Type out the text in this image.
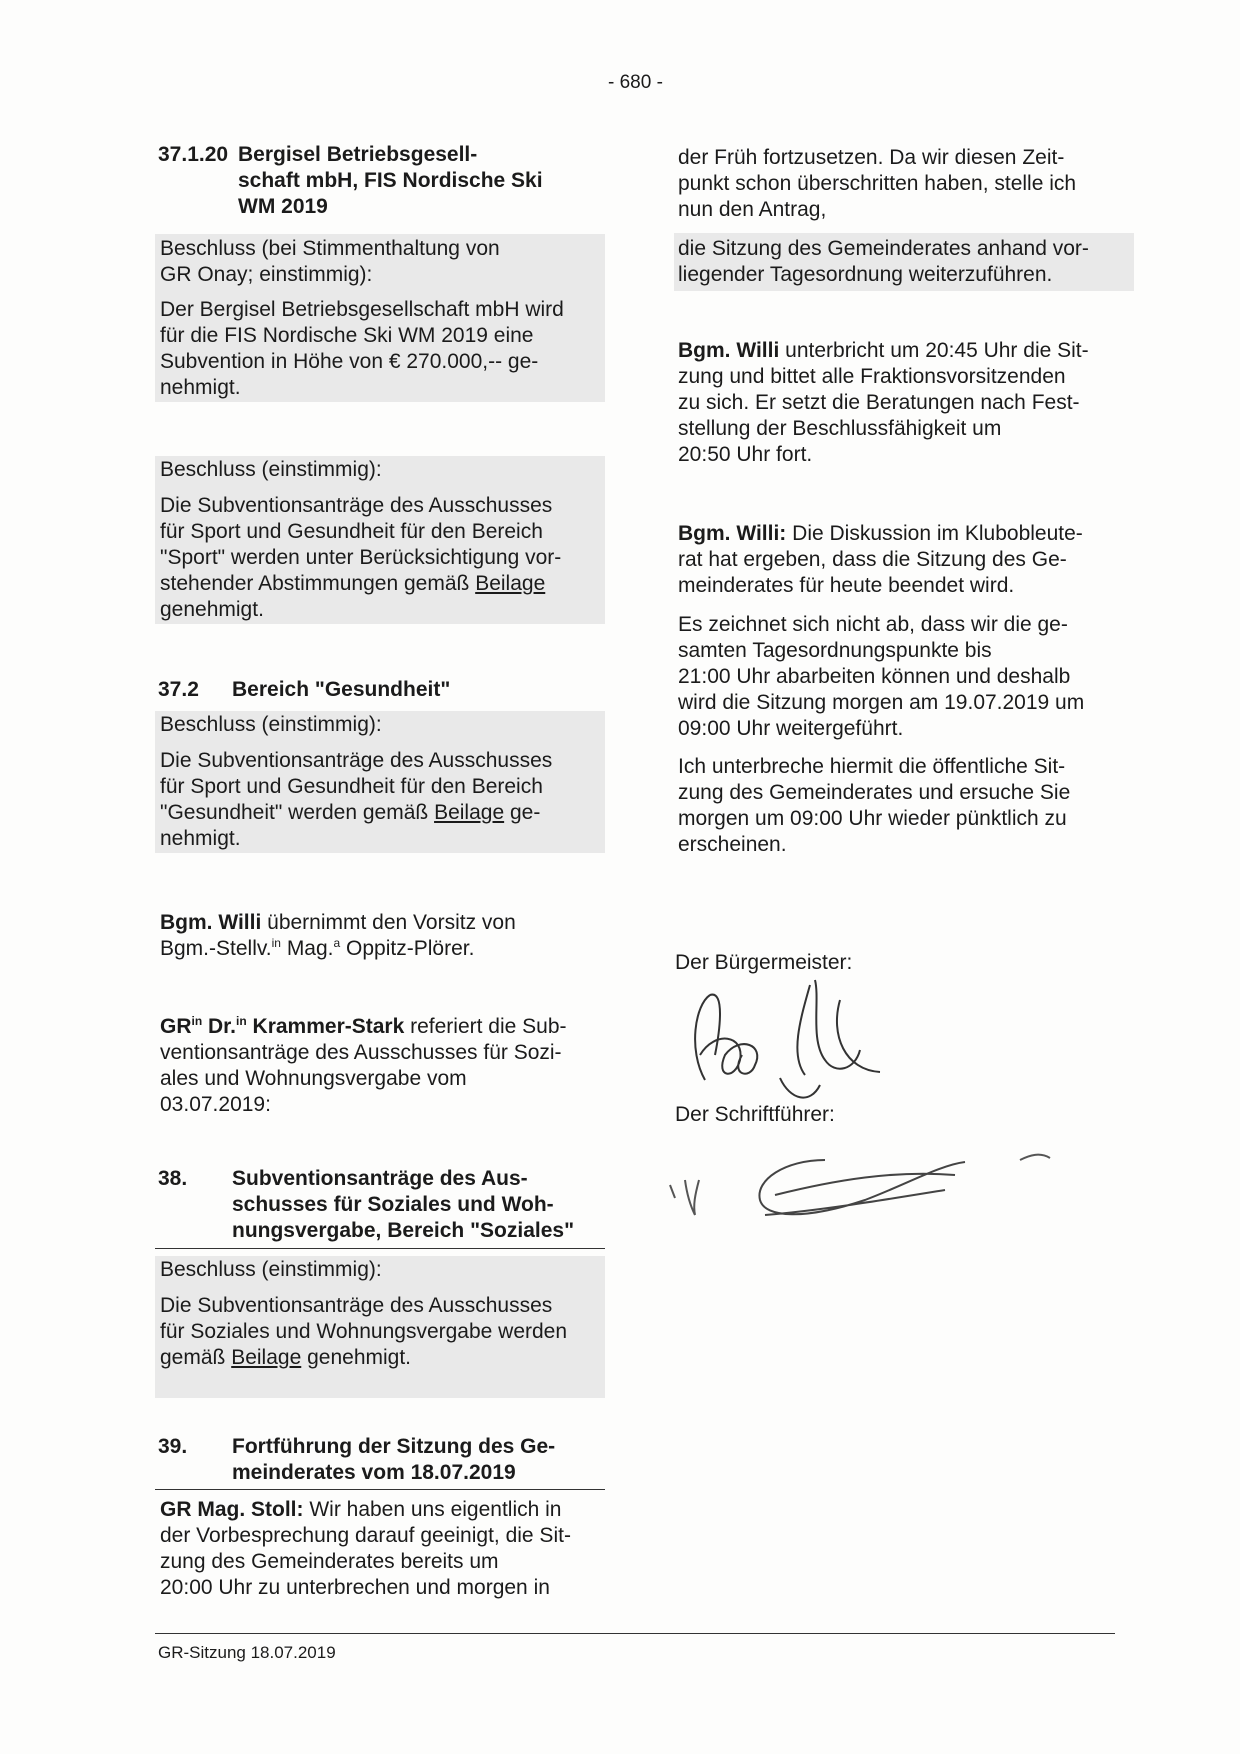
- 680 -
37.1.20 Bergisel Betriebsgesell-
schaft mbH, FIS Nordische Ski
WM 2019
Beschluss (bei Stimmenthaltung von
GR Onay; einstimmig):
Der Bergisel Betriebsgesellschaft mbH wird
für die FIS Nordische Ski WM 2019 eine
Subvention in Höhe von € 270.000,-- ge-
nehmigt.
Beschluss (einstimmig):
Die Subventionsanträge des Ausschusses
für Sport und Gesundheit für den Bereich
"Sport" werden unter Berücksichtigung vor-
stehender Abstimmungen gemäß Beilage
genehmigt.
37.2 Bereich "Gesundheit"
Beschluss (einstimmig):
Die Subventionsanträge des Ausschusses
für Sport und Gesundheit für den Bereich
"Gesundheit" werden gemäß Beilage ge-
nehmigt.
Bgm. Willi übernimmt den Vorsitz von
Bgm.-Stellv.$^{in}$ Mag.$^a$ Oppitz-Plörer.
$GR^{in}$ Dr.$^{in}$ Krammer-Stark referiert die Sub-
ventionsanträge des Ausschusses für Sozi-
ales und Wohnungsvergabe vom
03.07.2019:
38. Subventionsanträge des Aus-
schusses für Soziales und Woh-
nungsvergabe, Bereich "Soziales"
Beschluss (einstimmig):
Die Subventionsanträge des Ausschusses
für Soziales und Wohnungsvergabe werden
gemäß Beilage genehmigt.
39. Fortführung der Sitzung des Ge-
meinderates vom 18.07.2019
GR Mag. Stoll: Wir haben uns eigentlich in
der Vorbesprechung darauf geeinigt, die Sit-
zung des Gemeinderates bereits um
20:00 Uhr zu unterbrechen und morgen in
der Früh fortzusetzen. Da wir diesen Zeit-
punkt schon überschritten haben, stelle ich
nun den Antrag,
die Sitzung des Gemeinderates anhand vor-
liegender Tagesordnung weiterzuführen.
Bgm. Willi unterbricht um 20:45 Uhr die Sit-
zung und bittet alle Fraktionsvorsitzenden
zu sich. Er setzt die Beratungen nach Fest-
stellung der Beschlussfähigkeit um
20:50 Uhr fort.
Bgm. Willi: Die Diskussion im Klubobleute-
rat hat ergeben, dass die Sitzung des Ge-
meinderates für heute beendet wird.
Es zeichnet sich nicht ab, dass wir die ge-
samten Tagesordnungspunkte bis
21:00 Uhr abarbeiten können und deshalb
wird die Sitzung morgen am 19.07.2019 um
09:00 Uhr weitergeführt.
Ich unterbreche hiermit die öffentliche Sit-
zung des Gemeinderates und ersuche Sie
morgen um 09:00 Uhr wieder pünktlich zu
erscheinen.
Der Bürgermeister:
Der Schriftführer:
GR-Sitzung 18.07.2019
